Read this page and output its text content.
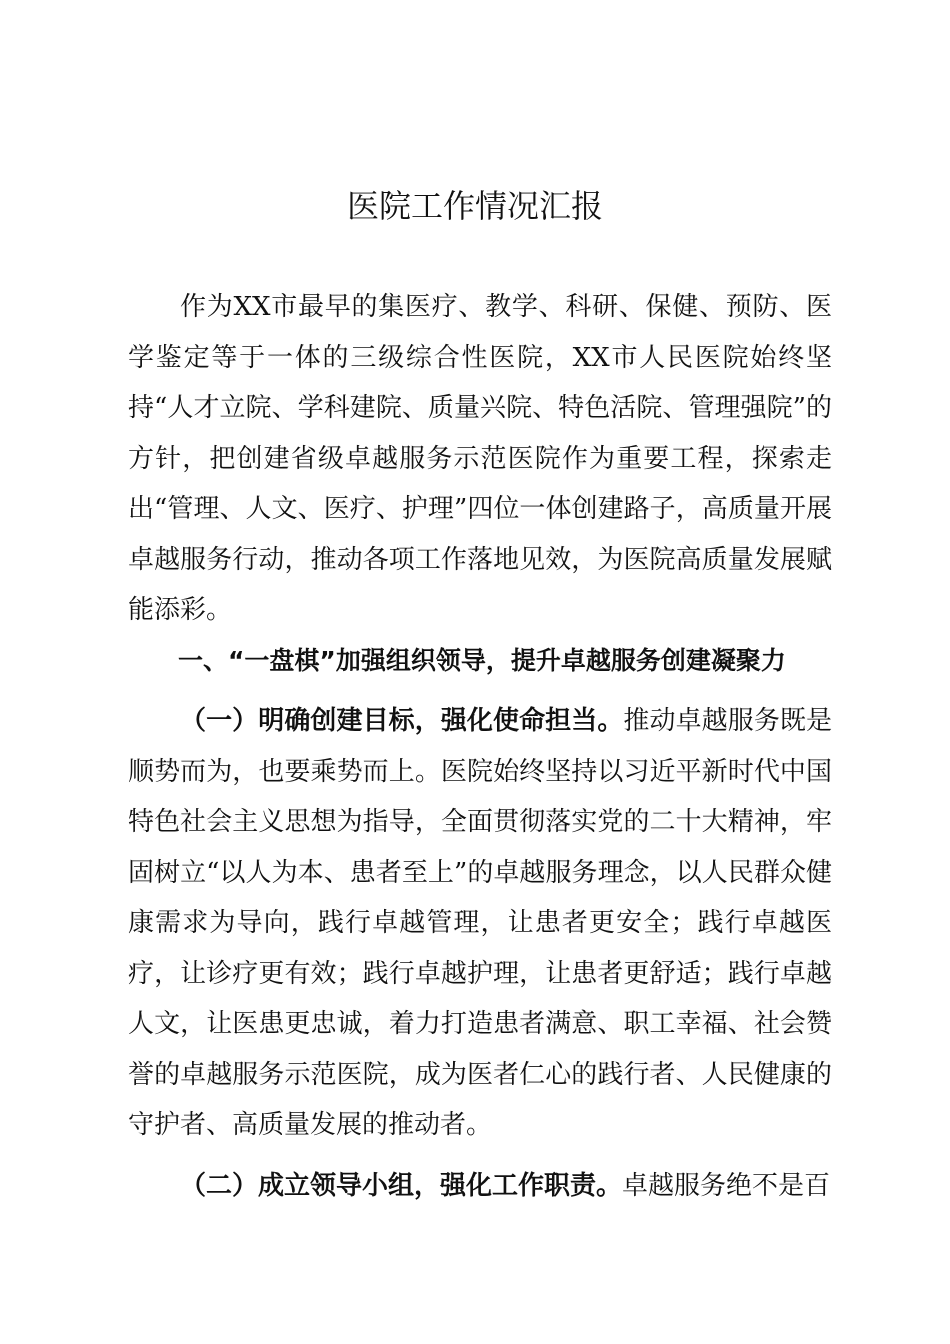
医院工作情况汇报

作为XX市最早的集医疗、教学、科研、保健、预防、医学鉴定等于一体的三级综合性医院，XX市人民医院始终坚持“人才立院、学科建院、质量兴院、特色活院、管理强院”的方针，把创建省级卓越服务示范医院作为重要工程，探索走出“管理、人文、医疗、护理”四位一体创建路子，高质量开展卓越服务行动，推动各项工作落地见效，为医院高质量发展赋能添彩。

一、“一盘棋”加强组织领导，提升卓越服务创建凝聚力

（一）明确创建目标，强化使命担当。推动卓越服务既是顺势而为，也要乘势而上。医院始终坚持以习近平新时代中国特色社会主义思想为指导，全面贯彻落实党的二十大精神，牢固树立“以人为本、患者至上”的卓越服务理念，以人民群众健康需求为导向，践行卓越管理，让患者更安全；践行卓越医疗，让诊疗更有效；践行卓越护理，让患者更舒适；践行卓越人文，让医患更忠诚，着力打造患者满意、职工幸福、社会赞誉的卓越服务示范医院，成为医者仁心的践行者、人民健康的守护者、高质量发展的推动者。

（二）成立领导小组，强化工作职责。卓越服务绝不是百
